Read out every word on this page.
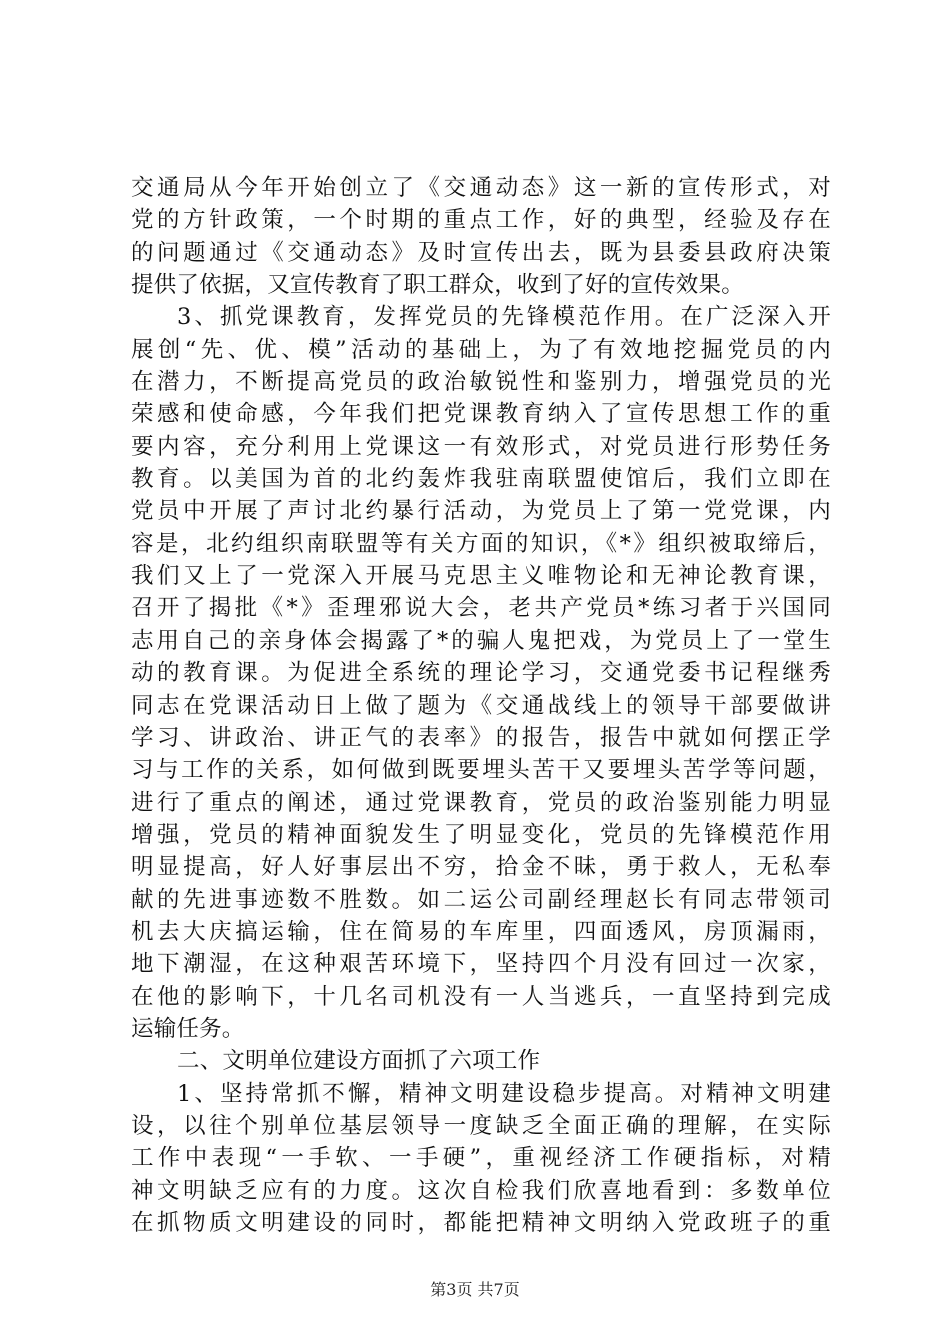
交通局从今年开始创立了《交通动态》这一新的宣传形式，对
党的方针政策，一个时期的重点工作，好的典型，经验及存在
的问题通过《交通动态》及时宣传出去，既为县委县政府决策
提供了依据，又宣传教育了职工群众，收到了好的宣传效果。
3、抓党课教育，发挥党员的先锋模范作用。在广泛深入开
展创“先、优、模”活动的基础上，为了有效地挖掘党员的内
在潜力，不断提高党员的政治敏锐性和鉴别力，增强党员的光
荣感和使命感，今年我们把党课教育纳入了宣传思想工作的重
要内容，充分利用上党课这一有效形式，对党员进行形势任务
教育。以美国为首的北约轰炸我驻南联盟使馆后，我们立即在
党员中开展了声讨北约暴行活动，为党员上了第一党党课，内
容是，北约组织南联盟等有关方面的知识，《*》组织被取缔后，
我们又上了一党深入开展马克思主义唯物论和无神论教育课，
召开了揭批《*》歪理邪说大会，老共产党员*练习者于兴国同
志用自己的亲身体会揭露了*的骗人鬼把戏，为党员上了一堂生
动的教育课。为促进全系统的理论学习，交通党委书记程继秀
同志在党课活动日上做了题为《交通战线上的领导干部要做讲
学习、讲政治、讲正气的表率》的报告，报告中就如何摆正学
习与工作的关系，如何做到既要埋头苦干又要埋头苦学等问题，
进行了重点的阐述，通过党课教育，党员的政治鉴别能力明显
增强，党员的精神面貌发生了明显变化，党员的先锋模范作用
明显提高，好人好事层出不穷，拾金不昧，勇于救人，无私奉
献的先进事迹数不胜数。如二运公司副经理赵长有同志带领司
机去大庆搞运输，住在简易的车库里，四面透风，房顶漏雨，
地下潮湿，在这种艰苦环境下，坚持四个月没有回过一次家，
在他的影响下，十几名司机没有一人当逃兵，一直坚持到完成
运输任务。
二、文明单位建设方面抓了六项工作
1、坚持常抓不懈，精神文明建设稳步提高。对精神文明建
设，以往个别单位基层领导一度缺乏全面正确的理解，在实际
工作中表现“一手软、一手硬”，重视经济工作硬指标，对精
神文明缺乏应有的力度。这次自检我们欣喜地看到：多数单位
在抓物质文明建设的同时，都能把精神文明纳入党政班子的重
第3页 共7页
